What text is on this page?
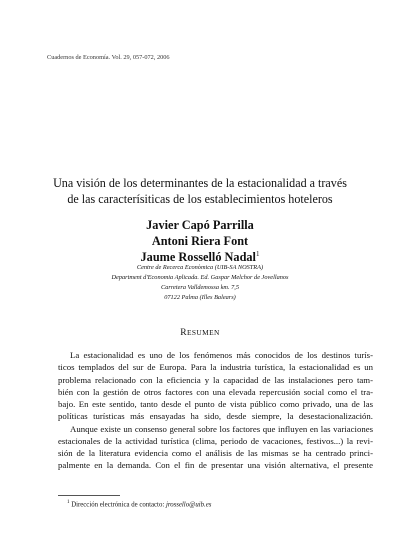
Cuadernos de Economía. Vol. 29, 057-072, 2006
Una visión de los determinantes de la estacionalidad a través
de las caracterísiticas de los establecimientos hoteleros
Javier Capó Parrilla
Antoni Riera Font
Jaume Rosselló Nadal$^1$
Centre de Recerca Econòmica (UIB-SA NOSTRA)
Department d'Economia Aplicada. Ed. Gaspar Melchor de Jovellanos
Carretera Valldemossa km. 7,5
07122 Palma (Illes Balears)
RESUMEN
La estacionalidad es uno de los fenómenos más conocidos de los destinos turís-
ticos templados del sur de Europa. Para la industria turística, la estacionalidad es un
problema relacionado con la eficiencia y la capacidad de las instalaciones pero tam-
bién con la gestión de otros factores con una elevada repercusión social como el tra-
bajo. En este sentido, tanto desde el punto de vista público como privado, una de las
políticas turísticas más ensayadas ha sido, desde siempre, la desestacionalización.
Aunque existe un consenso general sobre los factores que influyen en las variaciones
estacionales de la actividad turística (clima, periodo de vacaciones, festivos...) la revi-
sión de la literatura evidencia como el análisis de las mismas se ha centrado princi-
palmente en la demanda. Con el fin de presentar una visión alternativa, el presente
$^1$ Dirección electrónica de contacto: jrossello@uib.es
